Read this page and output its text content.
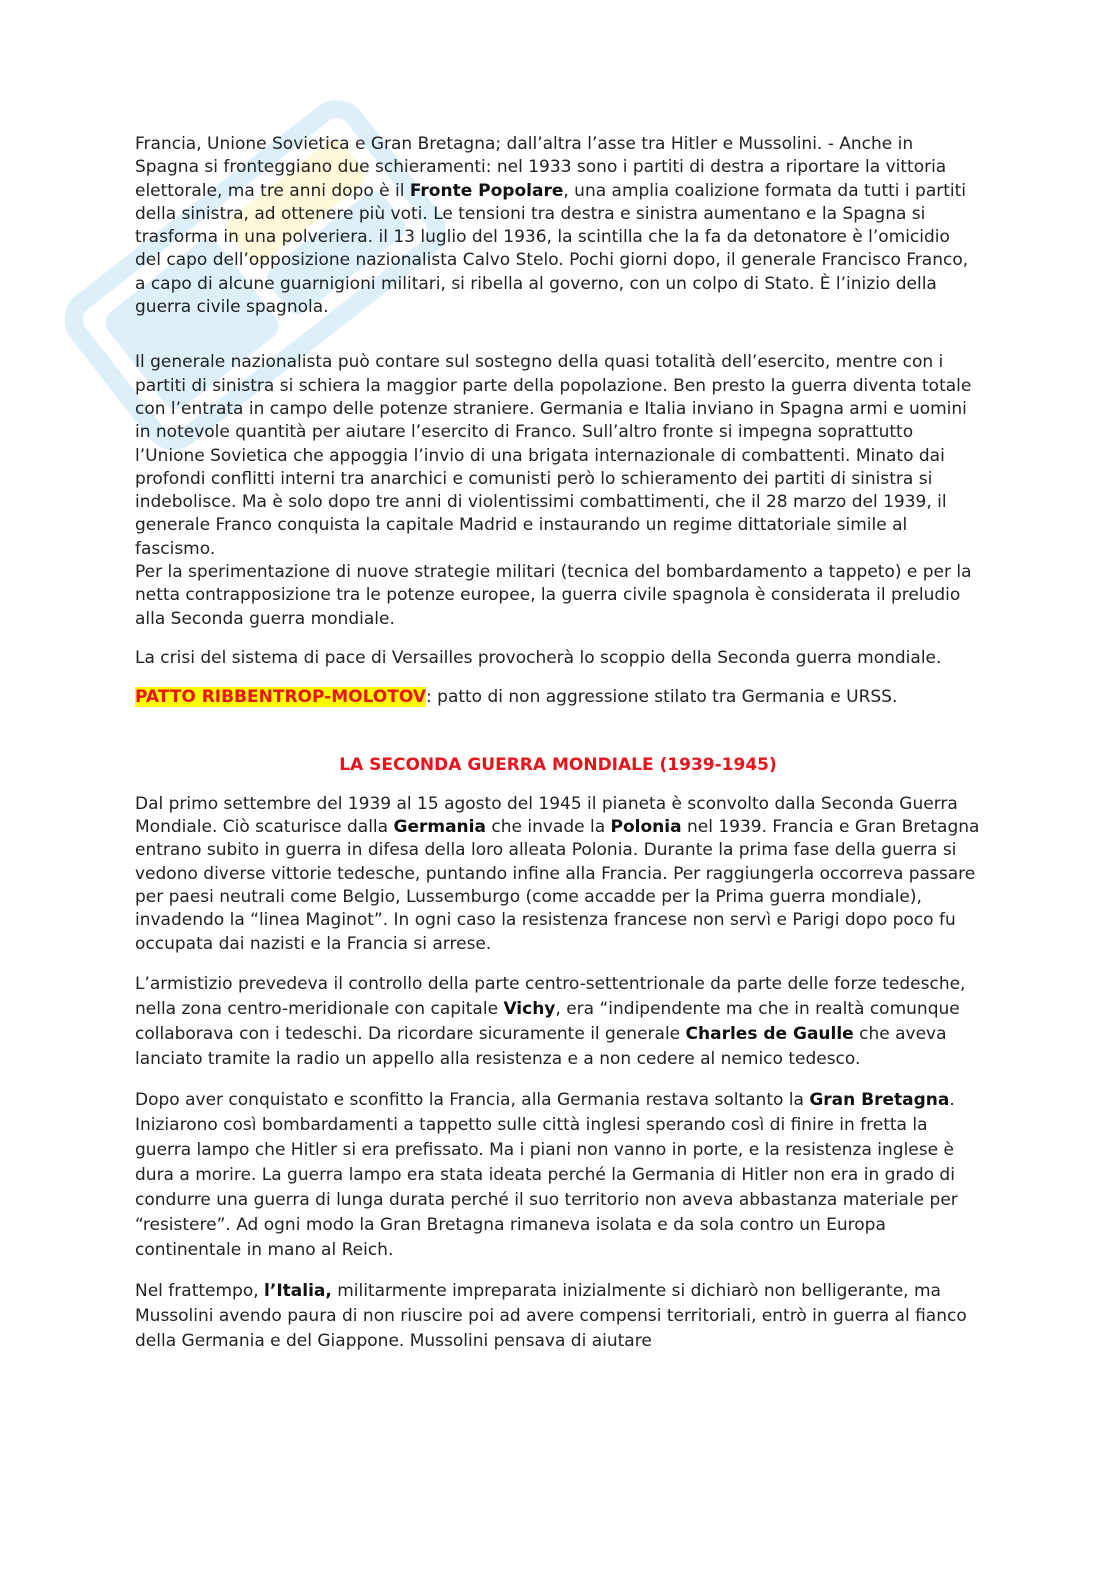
Francia, Unione Sovietica e Gran Bretagna; dall’altra l’asse tra Hitler e Mussolini. - Anche in Spagna si fronteggiano due schieramenti: nel 1933 sono i partiti di destra a riportare la vittoria elettorale, ma tre anni dopo è il Fronte Popolare, una amplia coalizione formata da tutti i partiti della sinistra, ad ottenere più voti. Le tensioni tra destra e sinistra aumentano e la Spagna si trasforma in una polveriera. il 13 luglio del 1936, la scintilla che la fa da detonatore è l’omicidio del capo dell’opposizione nazionalista Calvo Stelo. Pochi giorni dopo, il generale Francisco Franco, a capo di alcune guarnigioni militari, si ribella al governo, con un colpo di Stato. È l’inizio della guerra civile spagnola.

Il generale nazionalista può contare sul sostegno della quasi totalità dell’esercito, mentre con i partiti di sinistra si schiera la maggior parte della popolazione. Ben presto la guerra diventa totale con l’entrata in campo delle potenze straniere. Germania e Italia inviano in Spagna armi e uomini in notevole quantità per aiutare l’esercito di Franco. Sull’altro fronte si impegna soprattutto l’Unione Sovietica che appoggia l’invio di una brigata internazionale di combattenti. Minato dai profondi conflitti interni tra anarchici e comunisti però lo schieramento dei partiti di sinistra si indebolisce. Ma è solo dopo tre anni di violentissimi combattimenti, che il 28 marzo del 1939, il generale Franco conquista la capitale Madrid e instaurando un regime dittatoriale simile al fascismo.

Per la sperimentazione di nuove strategie militari (tecnica del bombardamento a tappeto) e per la netta contrapposizione tra le potenze europee, la guerra civile spagnola è considerata il preludio alla Seconda guerra mondiale.

La crisi del sistema di pace di Versailles provocherà lo scoppio della Seconda guerra mondiale.

PATTO RIBBENTROP-MOLOTOV: patto di non aggressione stilato tra Germania e URSS.

LA SECONDA GUERRA MONDIALE (1939-1945)

Dal primo settembre del 1939 al 15 agosto del 1945 il pianeta è sconvolto dalla Seconda Guerra Mondiale. Ciò scaturisce dalla Germania che invade la Polonia nel 1939. Francia e Gran Bretagna entrano subito in guerra in difesa della loro alleata Polonia. Durante la prima fase della guerra si vedono diverse vittorie tedesche, puntando infine alla Francia. Per raggiungerla occorreva passare per paesi neutrali come Belgio, Lussemburgo (come accadde per la Prima guerra mondiale), invadendo la “linea Maginot”. In ogni caso la resistenza francese non servì e Parigi dopo poco fu occupata dai nazisti e la Francia si arrese.

L’armistizio prevedeva il controllo della parte centro-settentrionale da parte delle forze tedesche, nella zona centro-meridionale con capitale Vichy, era “indipendente ma che in realtà comunque collaborava con i tedeschi. Da ricordare sicuramente il generale Charles de Gaulle che aveva lanciato tramite la radio un appello alla resistenza e a non cedere al nemico tedesco.

Dopo aver conquistato e sconfitto la Francia, alla Germania restava soltanto la Gran Bretagna. Iniziarono così bombardamenti a tappetto sulle città inglesi sperando così di finire in fretta la guerra lampo che Hitler si era prefissato. Ma i piani non vanno in porte, e la resistenza inglese è dura a morire. La guerra lampo era stata ideata perché la Germania di Hitler non era in grado di condurre una guerra di lunga durata perché il suo territorio non aveva abbastanza materiale per “resistere”. Ad ogni modo la Gran Bretagna rimaneva isolata e da sola contro un Europa continentale in mano al Reich.

Nel frattempo, l’Italia, militarmente impreparata inizialmente si dichiarò non belligerante, ma Mussolini avendo paura di non riuscire poi ad avere compensi territoriali, entrò in guerra al fianco della Germania e del Giappone. Mussolini pensava di aiutare
